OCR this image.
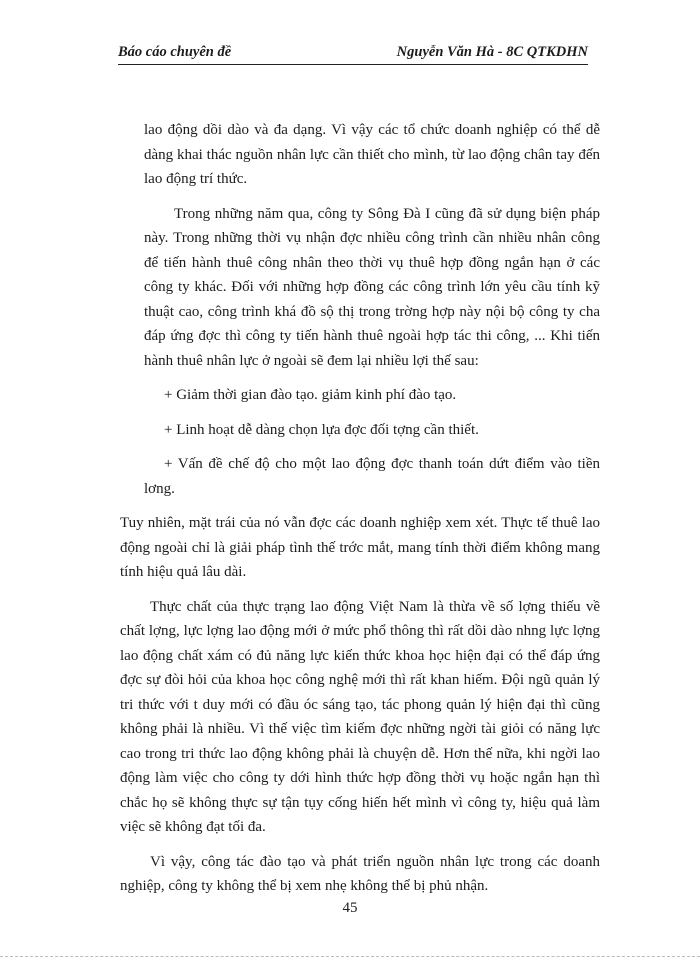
Báo cáo chuyên đề	Nguyễn Văn Hà - 8C QTKDHN

lao động dồi dào và đa dạng. Vì vậy các tổ chức doanh nghiệp có thể dễ dàng khai thác nguồn nhân lực cần thiết cho mình, từ lao động chân tay đến lao động trí thức.

Trong những năm qua, công ty Sông Đà I cũng đã sử dụng biện pháp này. Trong những thời vụ nhận đợc nhiều công trình cần nhiều nhân công để tiến hành thuê công nhân theo thời vụ thuê hợp đồng ngắn hạn ở các công ty khác. Đối với những hợp đồng các công trình lớn yêu cầu tính kỹ thuật cao, công trình khá đồ sộ thị trong trờng hợp này nội bộ công ty cha đáp ứng đợc thì công ty tiến hành thuê ngoài hợp tác thi công, ... Khi tiến hành thuê nhân lực ở ngoài sẽ đem lại nhiều lợi thế sau:

+ Giảm thời gian đào tạo. giảm kinh phí đào tạo.

+ Linh hoạt dễ dàng chọn lựa đợc đối tợng cần thiết.

+ Vấn đề chế độ cho một lao động đợc thanh toán dứt điểm vào tiền lơng.

Tuy nhiên, mặt trái của nó vẫn đợc các doanh nghiệp xem xét. Thực tế thuê lao động ngoài chỉ là giải pháp tình thế trớc mắt, mang tính thời điểm không mang tính hiệu quả lâu dài.

Thực chất của thực trạng lao động Việt Nam là thừa về số lợng thiếu về chất lợng, lực lợng lao động mới ở mức phổ thông thì rất dồi dào nhng lực lợng lao động chất xám có đủ năng lực kiến thức khoa học hiện đại có thể đáp ứng đợc sự đòi hỏi của khoa học công nghệ mới thì rất khan hiếm. Đội ngũ quản lý tri thức với t duy mới có đầu óc sáng tạo, tác phong quản lý hiện đại thì cũng không phải là nhiều. Vì thế việc tìm kiếm đợc những ngời tài giỏi có năng lực cao trong tri thức lao động không phải là chuyện dễ. Hơn thế nữa, khi ngời lao động làm việc cho công ty dới hình thức hợp đồng thời vụ hoặc ngắn hạn thì chắc họ sẽ không thực sự tận tụy cống hiến hết mình vì công ty, hiệu quả làm việc sẽ không đạt tối đa.

Vì vậy, công tác đào tạo và phát triển nguồn nhân lực trong các doanh nghiệp, công ty không thể bị xem nhẹ không thể bị phủ nhận.

45
